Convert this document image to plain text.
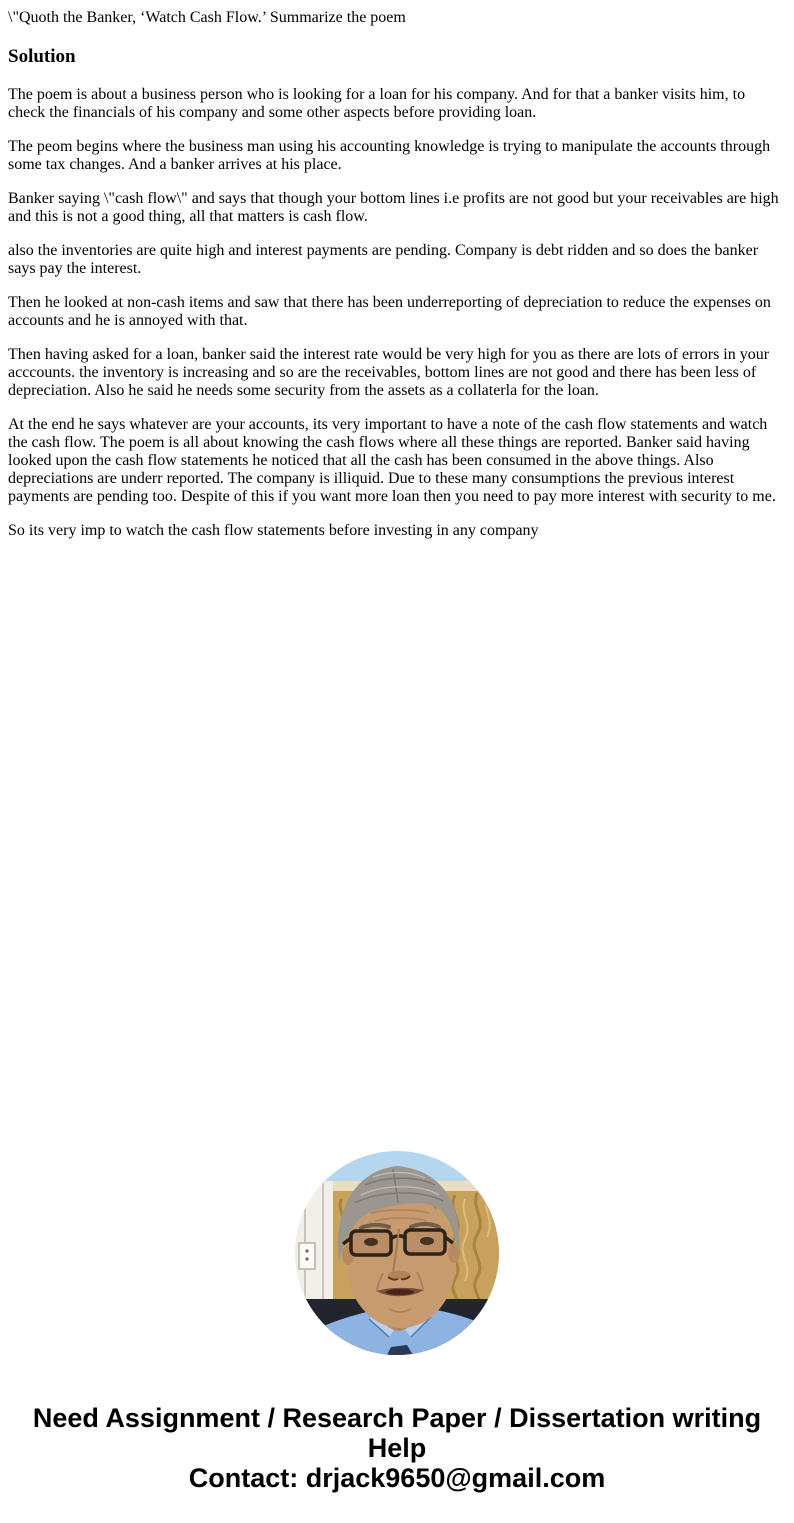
\"Quoth the Banker, ‘Watch Cash Flow.’ Summarize the poem

Solution

The poem is about a business person who is looking for a loan for his company. And for that a banker visits him, to check the financials of his company and some other aspects before providing loan.

The peom begins where the business man using his accounting knowledge is trying to manipulate the accounts through some tax changes. And a banker arrives at his place.

Banker saying \"cash flow\" and says that though your bottom lines i.e profits are not good but your receivables are high and this is not a good thing, all that matters is cash flow.

also the inventories are quite high and interest payments are pending. Company is debt ridden and so does the banker says pay the interest.

Then he looked at non-cash items and saw that there has been underreporting of depreciation to reduce the expenses on accounts and he is annoyed with that.

Then having asked for a loan, banker said the interest rate would be very high for you as there are lots of errors in your acccounts. the inventory is increasing and so are the receivables, bottom lines are not good and there has been less of depreciation. Also he said he needs some security from the assets as a collaterla for the loan.

At the end he says whatever are your accounts, its very important to have a note of the cash flow statements and watch the cash flow. The poem is all about knowing the cash flows where all these things are reported. Banker said having looked upon the cash flow statements he noticed that all the cash has been consumed in the above things. Also depreciations are underr reported. The company is illiquid. Due to these many consumptions the previous interest payments are pending too. Despite of this if you want more loan then you need to pay more interest with security to me.

So its very imp to watch the cash flow statements before investing in any company

Need Assignment / Research Paper / Dissertation writing Help
Contact: drjack9650@gmail.com
